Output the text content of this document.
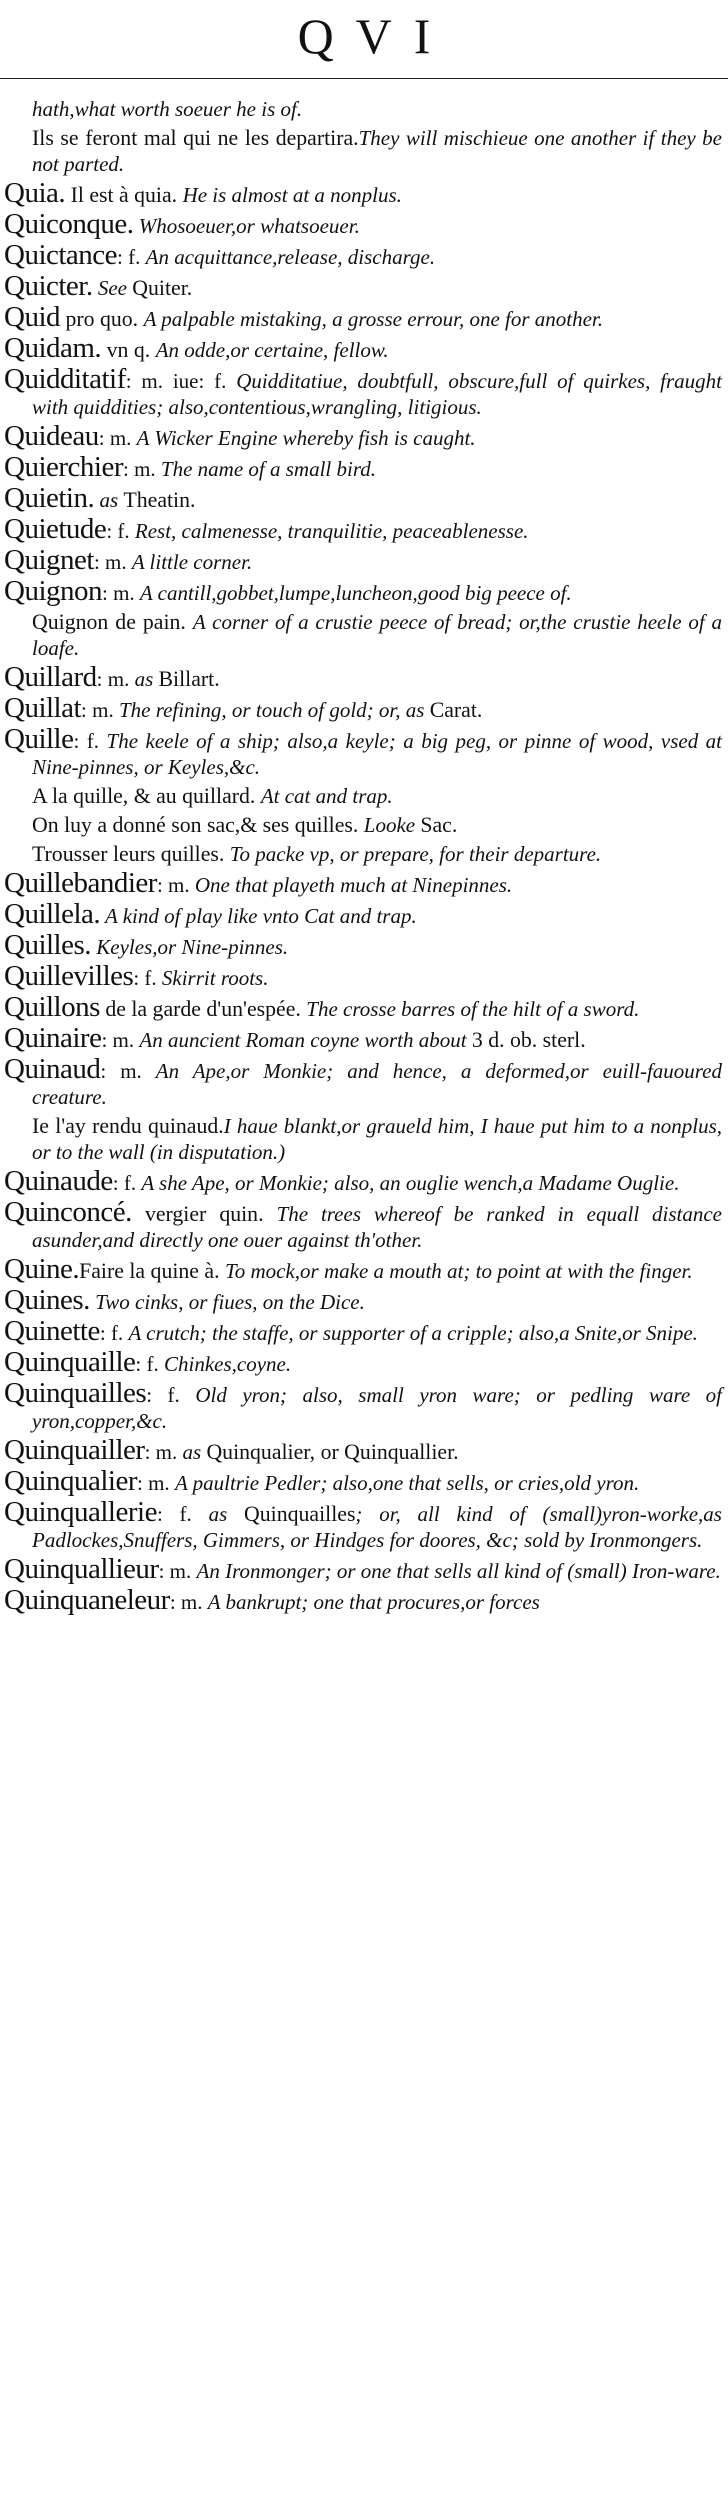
QVI
hath,what worth soeuer he is of.
Ils se feront mal qui ne les departira.They will mischieue one another if they be not parted.
Quia. Il est à quia. He is almost at a nonplus.
Quiconque. Whosoeuer,or whatsoeuer.
Quictance: f. An acquittance,release, discharge.
Quicter. See Quiter.
Quid pro quo. A palpable mistaking, a grosse errour, one for another.
Quidam. vn q. An odde,or certaine, fellow.
Quidditatif: m. iue: f. Quidditatiue, doubtfull, obscure,full of quirkes, fraught with quiddities; also,contentious,wrangling, litigious.
Quideau: m. A Wicker Engine whereby fish is caught.
Quierchier: m. The name of a small bird.
Quietin. as Theatin.
Quietude: f. Rest, calmenesse, tranquilitie, peaceablenesse.
Quignet: m. A little corner.
Quignon: m. A cantill,gobbet,lumpe,luncheon,good big peece of.
Quignon de pain. A corner of a crustie peece of bread; or,the crustie heele of a loafe.
Quillard: m. as Billart.
Quillat: m. The refining, or touch of gold; or, as Carat.
Quille: f. The keele of a ship; also,a keyle; a big peg, or pinne of wood, vsed at Nine-pinnes, or Keyles,&c.
A la quille, & au quillard. At cat and trap.
On luy a donné son sac,& ses quilles. Looke Sac.
Trousser leurs quilles. To packe vp, or prepare, for their departure.
Quillebandier: m. One that playeth much at Ninepinnes.
Quillela. A kind of play like vnto Cat and trap.
Quilles. Keyles,or Nine-pinnes.
Quillevilles: f. Skirrit roots.
Quillons de la garde d'un'espée. The crosse barres of the hilt of a sword.
Quinaire: m. An auncient Roman coyne worth about 3 d. ob. sterl.
Quinaud: m. An Ape,or Monkie; and hence, a deformed,or euill-fauoured creature.
Ie l'ay rendu quinaud.I haue blankt,or graueld him, I haue put him to a nonplus, or to the wall (in disputation.)
Quinaude: f. A she Ape, or Monkie; also, an ouglie wench,a Madame Ouglie.
Quinconcé. vergier quin. The trees whereof be ranked in equall distance asunder,and directly one ouer against th'other.
Quine.Faire la quine à. To mock,or make a mouth at; to point at with the finger.
Quines. Two cinks, or fiues, on the Dice.
Quinette: f. A crutch; the staffe, or supporter of a cripple; also,a Snite,or Snipe.
Quinquaille: f. Chinkes,coyne.
Quinquailles: f. Old yron; also, small yron ware; or pedling ware of yron,copper,&c.
Quinquailler: m. as Quinqualier, or Quinquallier.
Quinqualier: m. A paultrie Pedler; also,one that sells, or cries,old yron.
Quinquallerie: f. as Quinquailles; or, all kind of (small)yron-worke,as Padlockes,Snuffers, Gimmers, or Hindges for doores, &c; sold by Ironmongers.
Quinquallieur: m. An Ironmonger; or one that sells all kind of (small) Iron-ware.
Quinquaneleur: m. A bankrupt; one that procures,or forces
